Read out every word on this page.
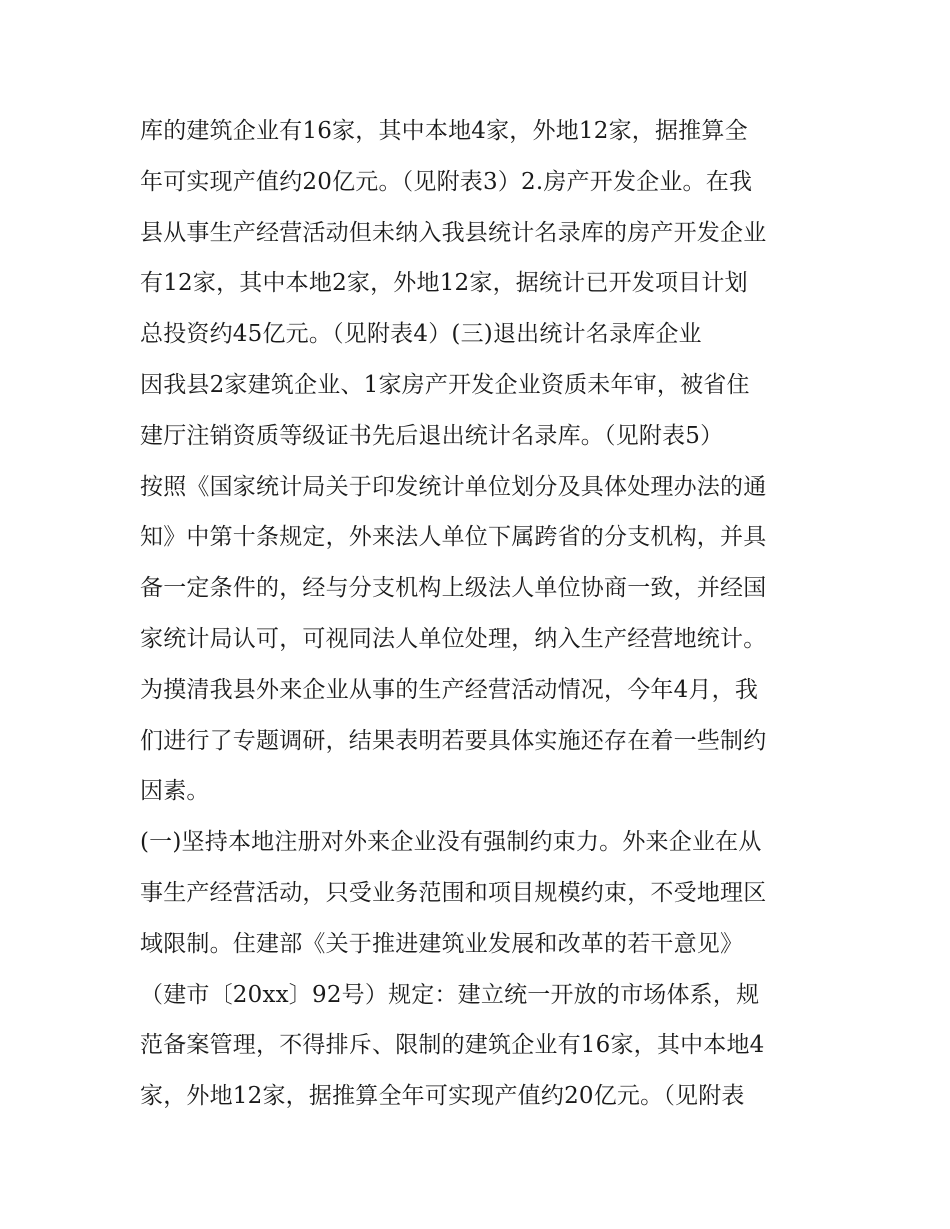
库的建筑企业有16家，其中本地4家，外地12家，据推算全
年可实现产值约20亿元。（见附表3）2.房产开发企业。在我
县从事生产经营活动但未纳入我县统计名录库的房产开发企业
有12家，其中本地2家，外地12家，据统计已开发项目计划
总投资约45亿元。（见附表4）(三)退出统计名录库企业
因我县2家建筑企业、1家房产开发企业资质未年审，被省住
建厅注销资质等级证书先后退出统计名录库。（见附表5）
按照《国家统计局关于印发统计单位划分及具体处理办法的通
知》中第十条规定，外来法人单位下属跨省的分支机构，并具
备一定条件的，经与分支机构上级法人单位协商一致，并经国
家统计局认可，可视同法人单位处理，纳入生产经营地统计。
为摸清我县外来企业从事的生产经营活动情况，今年4月，我
们进行了专题调研，结果表明若要具体实施还存在着一些制约
因素。
(一)坚持本地注册对外来企业没有强制约束力。外来企业在从
事生产经营活动，只受业务范围和项目规模约束，不受地理区
域限制。住建部《关于推进建筑业发展和改革的若干意见》
（建市〔20xx〕92号）规定：建立统一开放的市场体系，规
范备案管理，不得排斥、限制的建筑企业有16家，其中本地4
家，外地12家，据推算全年可实现产值约20亿元。（见附表
